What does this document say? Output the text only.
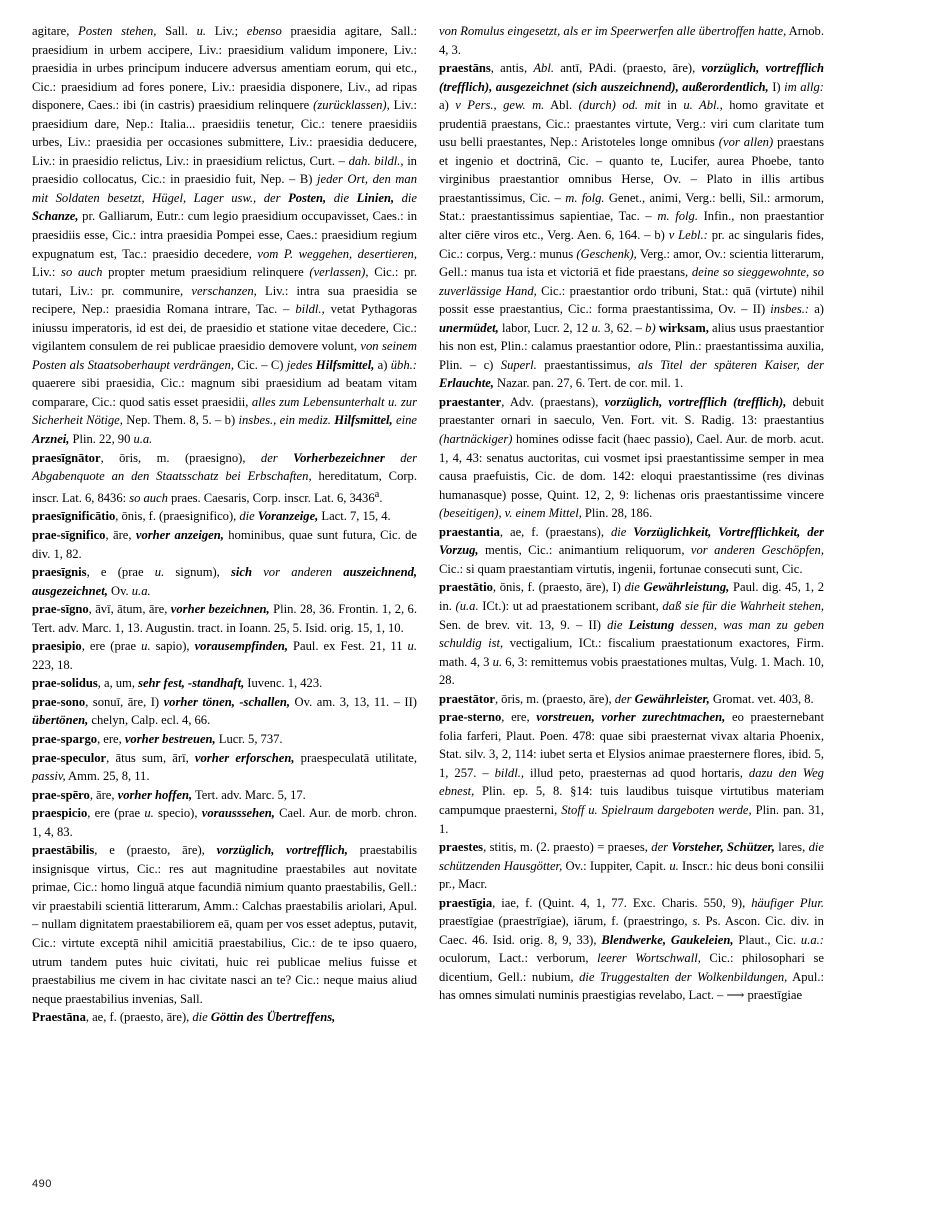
agitare, Posten stehen, Sall. u. Liv.; ebenso praesidia agitare, Sall.: praesidium in urbem accipere, Liv.: praesidium validum imponere, Liv.: praesidia in urbes principum inducere adversus amentiam eorum, qui etc., Cic.: praesidium ad fores ponere, Liv.: praesidia disponere, Liv., ad ripas disponere, Caes.: ibi (in castris) praesidium relinquere (zurücklassen), Liv.: praesidium dare, Nep.: Italia... praesidiis tenetur, Cic.: tenere praesidiis urbes, Liv.: praesidia per occasiones submittere, Liv.: praesidia deducere, Liv.: in praesidio relictus, Liv.: in praesidium relictus, Curt. – dah. bildl., in praesidio collocatus, Cic.: in praesidio fuit, Nep. – B) jeder Ort, den man mit Soldaten besetzt, Hügel, Lager usw., der Posten, die Linien, die Schanze, pr. Galliarum, Eutr.: cum legio praesidium occupavisset, Caes.: in praesidiis esse, Cic.: intra praesidia Pompei esse, Caes.: praesidium regium expugnatum est, Tac.: praesidio decedere, vom P. weggehen, desertieren, Liv.: so auch propter metum praesidium relinquere (verlassen), Cic.: pr. tutari, Liv.: pr. communire, verschanzen, Liv.: intra sua praesidia se recipere, Nep.: praesidia Romana intrare, Tac. – bildl., vetat Pythagoras iniussu imperatoris, id est dei, de praesidio et statione vitae decedere, Cic.: vigilantem consulem de rei publicae praesidio demovere volunt, von seinem Posten als Staatsoberhaupt verdrängen, Cic. – C) jedes Hilfsmittel, a) übh.: quaerere sibi praesidia, Cic.: magnum sibi praesidium ad beatam vitam comparare, Cic.: quod satis esset praesidii, alles zum Lebensunterhalt u. zur Sicherheit Nötige, Nep. Them. 8, 5. – b) insbes., ein mediz. Hilfsmittel, eine Arznei, Plin. 22, 90 u.a.

praesīgnātor, ōris, m. (praesigno), der Vorherbezeichner der Abgabenquote an den Staatsschatz bei Erbschaften, hereditatum, Corp. inscr. Lat. 6, 8436: so auch praes. Caesaris, Corp. inscr. Lat. 6, 3436$^a$.

praesīgnificātio, ōnis, f. (praesignifico), die Voranzeige, Lact. 7, 15, 4.

prae-sīgnifico, āre, vorher anzeigen, hominibus, quae sunt futura, Cic. de div. 1, 82.

praesīgnis, e (prae u. signum), sich vor anderen auszeichnend, ausgezeichnet, Ov. u.a.

prae-sīgno, āvī, ātum, āre, vorher bezeichnen, Plin. 28, 36. Frontin. 1, 2, 6. Tert. adv. Marc. 1, 13. Augustin. tract. in Ioann. 25, 5. Isid. orig. 15, 1, 10.

praesipio, ere (prae u. sapio), vorausempfinden, Paul. ex Fest. 21, 11 u. 223, 18.

prae-solidus, a, um, sehr fest, -standhaft, Iuvenc. 1, 423.

prae-sono, sonuī, āre, I) vorher tönen, -schallen, Ov. am. 3, 13, 11. – II) übertönen, chelyn, Calp. ecl. 4, 66.

prae-spargo, ere, vorher bestreuen, Lucr. 5, 737.

prae-speculor, ātus sum, ārī, vorher erforschen, praespeculatā utilitate, passiv, Amm. 25, 8, 11.

prae-spēro, āre, vorher hoffen, Tert. adv. Marc. 5, 17.

praespicio, ere (prae u. specio), vorausssehen, Cael. Aur. de morb. chron. 1, 4, 83.

praestābilis, e (praesto, āre), vorzüglich, vortrefflich, praestabilis insignisque virtus, Cic.: res aut magnitudine praestabiles aut novitate primae, Cic.: homo linguā atque facundiā nimium quanto praestabilis, Gell.: vir praestabili scientiā litterarum, Amm.: Calchas praestabilis ariolari, Apul. – nullam dignitatem praestabiliorem eā, quam per vos esset adeptus, putavit, Cic.: virtute exceptā nihil amicitiā praestabilius, Cic.: de te ipso quaero, utrum tandem putes huic civitati, huic rei publicae melius fuisse et praestabilius me civem in hac civitate nasci an te? Cic.: neque maius aliud neque praestabilius invenias, Sall.

Praestāna, ae, f. (praesto, āre), die Göttin des Übertreffens,

von Romulus eingesetzt, als er im Speerwerfen alle übertroffen hatte, Arnob. 4, 3.

praestāns, antis, Abl. antī, PAdi. (praesto, āre), vorzüglich, vortrefflich (trefflich), ausgezeichnet (sich auszeichnend), außerordentlich, I) im allg: a) v Pers., gew. m. Abl. (durch) od. mit in u. Abl., homo gravitate et prudentiā praestans, Cic.: praestantes virtute, Verg.: viri cum claritate tum usu belli praestantes, Nep.: Aristoteles longe omnibus (vor allen) praestans et ingenio et doctrinā, Cic. – quanto te, Lucifer, aurea Phoebe, tanto virginibus praestantior omnibus Herse, Ov. – Plato in illis artibus praestantissimus, Cic. – m. folg. Genet., animi, Verg.: belli, Sil.: armorum, Stat.: praestantissimus sapientiae, Tac. – m. folg. Infin., non praestantior alter ciēre viros etc., Verg. Aen. 6, 164. – b) v Lebl.: pr. ac singularis fides, Cic.: corpus, Verg.: munus (Geschenk), Verg.: amor, Ov.: scientia litterarum, Gell.: manus tua ista et victoriā et fide praestans, deine so sieggewohnte, so zuverlässige Hand, Cic.: praestantior ordo tribuni, Stat.: quā (virtute) nihil possit esse praestantius, Cic.: forma praestantissima, Ov. – II) insbes.: a) unermüdet, labor, Lucr. 2, 12 u. 3, 62. – b) wirksam, alius usus praestantior his non est, Plin.: calamus praestantior odore, Plin.: praestantissima auxilia, Plin. – c) Superl. praestantissimus, als Titel der späteren Kaiser, der Erlauchte, Nazar. pan. 27, 6. Tert. de cor. mil. 1.

praestanter, Adv. (praestans), vorzüglich, vortrefflich (trefflich), debuit praestanter ornari in saeculo, Ven. Fort. vit. S. Radig. 13: praestantius (hartnäckiger) homines odisse facit (haec passio), Cael. Aur. de morb. acut. 1, 4, 43: senatus auctoritas, cui vosmet ipsi praestantissime semper in mea causa praefuistis, Cic. de dom. 142: eloqui praestantissime (res divinas humanasque) posse, Quint. 12, 2, 9: lichenas oris praestantissime vincere (beseitigen), v. einem Mittel, Plin. 28, 186.

praestantia, ae, f. (praestans), die Vorzüglichkeit, Vortrefflichkeit, der Vorzug, mentis, Cic.: animantium reliquorum, vor anderen Geschöpfen, Cic.: si quam praestantiam virtutis, ingenii, fortunae consecuti sunt, Cic.

praestātio, ōnis, f. (praesto, āre), I) die Gewährleistung, Paul. dig. 45, 1, 2 in. (u.a. ICt.): ut ad praestationem scribant, daß sie für die Wahrheit stehen, Sen. de brev. vit. 13, 9. – II) die Leistung dessen, was man zu geben schuldig ist, vectigalium, ICt.: fiscalium praestationum exactores, Firm. math. 4, 3 u. 6, 3: remittemus vobis praestationes multas, Vulg. 1. Mach. 10, 28.

praestātor, ōris, m. (praesto, āre), der Gewährleister, Gromat. vet. 403, 8.

prae-sterno, ere, vorstreuen, vorher zurechtmachen, eo praesternebant folia farferi, Plaut. Poen. 478: quae sibi praesternat vivax altaria Phoenix, Stat. silv. 3, 2, 114: iubet serta et Elysios animae praesternere flores, ibid. 5, 1, 257. – bildl., illud peto, praesternas ad quod hortaris, dazu den Weg ebnest, Plin. ep. 5, 8. §14: tuis laudibus tuisque virtutibus materiam campumque praesterni, Stoff u. Spielraum dargeboten werde, Plin. pan. 31, 1.

praestes, stitis, m. (2. praesto) = praeses, der Vorsteher, Schützer, lares, die schützenden Hausgötter, Ov.: Iuppiter, Capit. u. Inscr.: hic deus boni consilii pr., Macr.

praestīgia, iae, f. (Quint. 4, 1, 77. Exc. Charis. 550, 9), häufiger Plur. praestīgiae (praestrīgiae), iārum, f. (praestringo, s. Ps. Ascon. Cic. div. in Caec. 46. Isid. orig. 8, 9, 33), Blendwerke, Gaukeleien, Plaut., Cic. u.a.: oculorum, Lact.: verborum, leerer Wortschwall, Cic.: philosophari se dicentium, Gell.: nubium, die Truggestalten der Wolkenbildungen, Apul.: has omnes simulati numinis praestigias revelabo, Lact. – ⟶ praestīgiae

490
